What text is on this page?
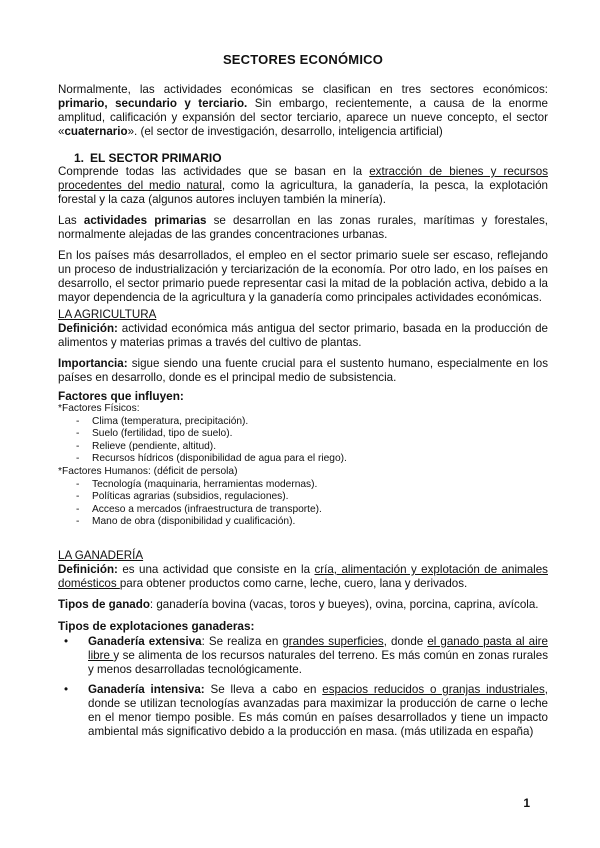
SECTORES ECONÓMICO

Normalmente, las actividades económicas se clasifican en tres sectores económicos: primario, secundario y terciario. Sin embargo, recientemente, a causa de la enorme amplitud, calificación y expansión del sector terciario, aparece un nueve concepto, el sector «cuaternario». (el sector de investigación, desarrollo, inteligencia artificial)

1. EL SECTOR PRIMARIO

Comprende todas las actividades que se basan en la extracción de bienes y recursos procedentes del medio natural, como la agricultura, la ganadería, la pesca, la explotación forestal y la caza (algunos autores incluyen también la minería).

Las actividades primarias se desarrollan en las zonas rurales, marítimas y forestales, normalmente alejadas de las grandes concentraciones urbanas.

En los países más desarrollados, el empleo en el sector primario suele ser escaso, reflejando un proceso de industrialización y terciarización de la economía. Por otro lado, en los países en desarrollo, el sector primario puede representar casi la mitad de la población activa, debido a la mayor dependencia de la agricultura y la ganadería como principales actividades económicas.

LA AGRICULTURA

Definición: actividad económica más antigua del sector primario, basada en la producción de alimentos y materias primas a través del cultivo de plantas.

Importancia: sigue siendo una fuente crucial para el sustento humano, especialmente en los países en desarrollo, donde es el principal medio de subsistencia.

Factores que influyen:
*Factores Físicos:
- Clima (temperatura, precipitación).
- Suelo (fertilidad, tipo de suelo).
- Relieve (pendiente, altitud).
- Recursos hídricos (disponibilidad de agua para el riego).
*Factores Humanos: (déficit de persola)
- Tecnología (maquinaria, herramientas modernas).
- Políticas agrarias (subsidios, regulaciones).
- Acceso a mercados (infraestructura de transporte).
- Mano de obra (disponibilidad y cualificación).
LA GANADERÍA

Definición: es una actividad que consiste en la cría, alimentación y explotación de animales domésticos para obtener productos como carne, leche, cuero, lana y derivados.

Tipos de ganado: ganadería bovina (vacas, toros y bueyes), ovina, porcina, caprina, avícola.

Tipos de explotaciones ganaderas:
• Ganadería extensiva: Se realiza en grandes superficies, donde el ganado pasta al aire libre y se alimenta de los recursos naturales del terreno. Es más común en zonas rurales y menos desarrolladas tecnológicamente.
• Ganadería intensiva: Se lleva a cabo en espacios reducidos o granjas industriales, donde se utilizan tecnologías avanzadas para maximizar la producción de carne o leche en el menor tiempo posible. Es más común en países desarrollados y tiene un impacto ambiental más significativo debido a la producción en masa. (más utilizada en españa)
1
